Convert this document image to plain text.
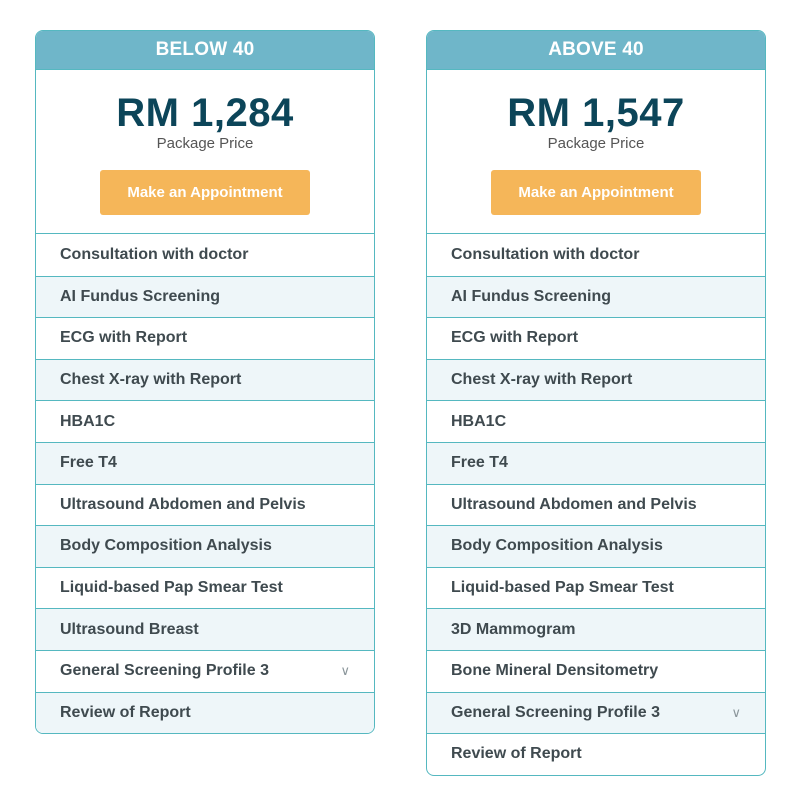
BELOW 40
RM 1,284
Package Price
Make an Appointment
Consultation with doctor
AI Fundus Screening
ECG with Report
Chest X-ray with Report
HBA1C
Free T4
Ultrasound Abdomen and Pelvis
Body Composition Analysis
Liquid-based Pap Smear Test
Ultrasound Breast
General Screening Profile 3	∨
Review of Report
ABOVE 40
RM 1,547
Package Price
Make an Appointment
Consultation with doctor
AI Fundus Screening
ECG with Report
Chest X-ray with Report
HBA1C
Free T4
Ultrasound Abdomen and Pelvis
Body Composition Analysis
Liquid-based Pap Smear Test
3D Mammogram
Bone Mineral Densitometry
General Screening Profile 3	∨
Review of Report
